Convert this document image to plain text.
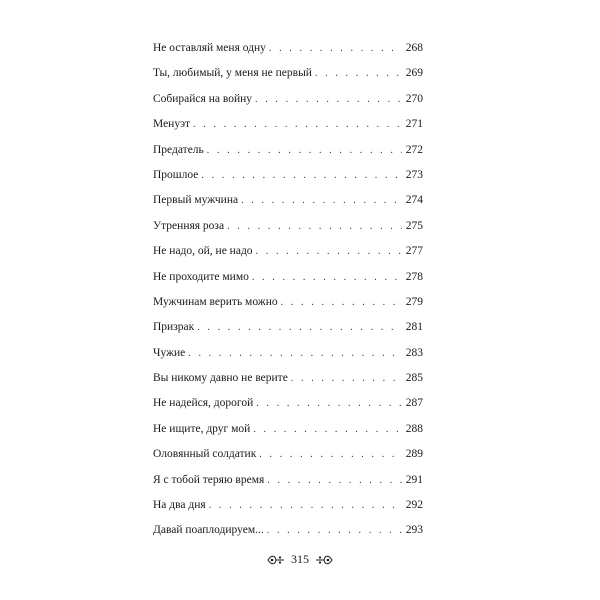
Не оставляй меня одну . . .	268
Ты, любимый, у меня не первый . . .	269
Собирайся на войну . . .	270
Менуэт . . .	271
Предатель . . .	272
Прошлое . . .	273
Первый мужчина . . .	274
Утренняя роза . . .	275
Не надо, ой, не надо . . .	277
Не проходите мимо . . .	278
Мужчинам верить можно . . .	279
Призрак . . .	281
Чужие . . .	283
Вы никому давно не верите . . .	285
Не надейся, дорогой . . .	287
Не ищите, друг мой . . .	288
Оловянный солдатик . . .	289
Я с тобой теряю время . . .	291
На два дня . . .	292
Давай поаплодируем... . . .	293
315
